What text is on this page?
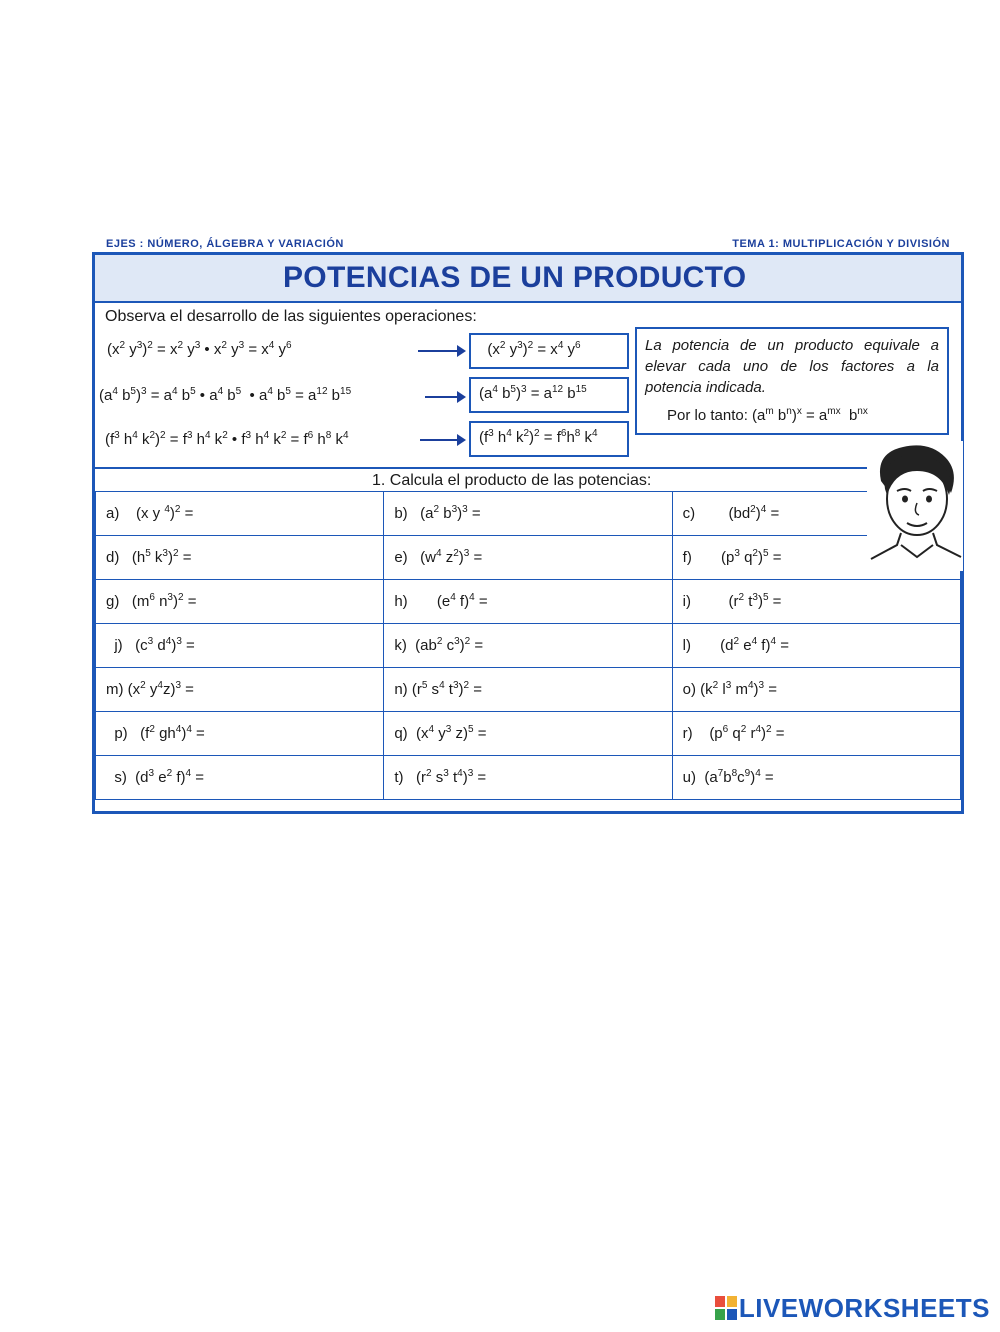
EJES : NÚMERO, ÁLGEBRA Y VARIACIÓN	TEMA 1: MULTIPLICACIÓN Y DIVISIÓN
POTENCIAS DE UN PRODUCTO
Observa el desarrollo de las siguientes operaciones:
($x^2$ $y^3)^2 = x^2$ $y^3$ • $x^2$ $y^3 = x^4$ $y^6$	($x^2$ $y^3)^2 = x^4$ $y^6$
($a^4$ $b^5)^3 = a^4$ $b^5$ • $a^4$ $b^5$  • $a^4$ $b^5 = a^{12}$ $b^{15}$	($a^4$ $b^5)^3 = a^{12}$ $b^{15}$
($f^3$ $h^4$ $k^2)^2 = f^3$ $h^4$ $k^2$ • $f^3$ $h^4$ $k^2 = f^6$ $h^8$ $k^4$	($f^3$ $h^4$ $k^2)^2 = f^6h^8$ $k^4$
La potencia de un producto equivale a elevar cada uno de los factores a la potencia indicada.
Por lo tanto: ($a^m$ $b^n)^x = a^{mx}$  $b^{nx}$
1. Calcula el producto de las potencias:
a)    (x y $^4$)$^2$ =	b)   ($a^2$ $b^3)^3$ =	c)        $(bd^2)^4$ =
d)   ($h^5$ $k^3)^2$ =	e)   ($w^4$ $z^2)^3$ =	f)       ($p^3$ $q^2)^5$ =
g)   ($m^6$ $n^3)^2$ =	h)       ($e^4$ f)$^4$ =	i)         ($r^2$ $t^3)^5$ =
j)   ($c^3$ $d^4)^3$ =	k)  ($ab^2$ $c^3)^2$ =	l)       ($d^2$ $e^4$ f)$^4$ =
m) ($x^2$ $y^4z)^3$ =	n) ($r^5$ $s^4$ $t^3)^2$ =	o) ($k^2$ $l^3$ $m^4)^3$ =
p)   ($f^2$ $gh^4)^4$ =	q)  ($x^4$ $y^3$ z)$^5$ =	r)    ($p^6$ $q^2$ $r^4)^2$ =
s)  ($d^3$ $e^2$ f)$^4$ =	t)   ($r^2$ $s^3$ $t^4)^3$ =	u)  $(a^7b^8c^9)^4$ =
LIVEWORKSHEETS
